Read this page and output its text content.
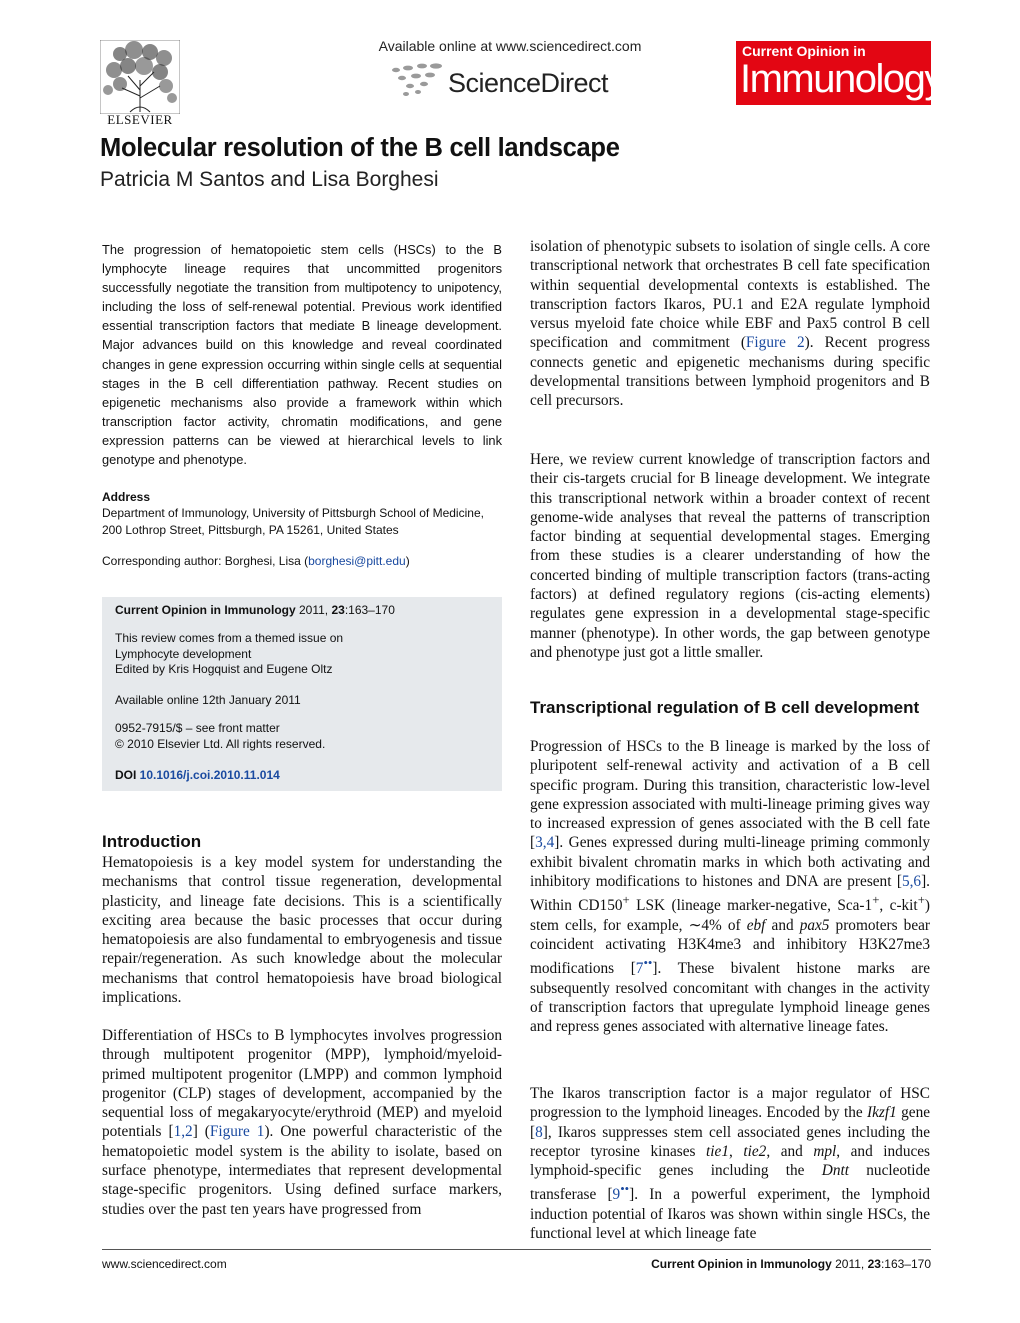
ELSEVIER
Available online at www.sciencedirect.com
ScienceDirect
Current Opinion in
Immunology
Molecular resolution of the B cell landscape
Patricia M Santos and Lisa Borghesi
The progression of hematopoietic stem cells (HSCs) to the B lymphocyte lineage requires that uncommitted progenitors successfully negotiate the transition from multipotency to unipotency, including the loss of self-renewal potential. Previous work identified essential transcription factors that mediate B lineage development. Major advances build on this knowledge and reveal coordinated changes in gene expression occurring within single cells at sequential stages in the B cell differentiation pathway. Recent studies on epigenetic mechanisms also provide a framework within which transcription factor activity, chromatin modifications, and gene expression patterns can be viewed at hierarchical levels to link genotype and phenotype.
Address
Department of Immunology, University of Pittsburgh School of Medicine,
200 Lothrop Street, Pittsburgh, PA 15261, United States
Corresponding author: Borghesi, Lisa (borghesi@pitt.edu)
Current Opinion in Immunology 2011, 23:163–170
This review comes from a themed issue on
Lymphocyte development
Edited by Kris Hogquist and Eugene Oltz
Available online 12th January 2011
0952-7915/$ – see front matter
© 2010 Elsevier Ltd. All rights reserved.
DOI 10.1016/j.coi.2010.11.014
Introduction
Hematopoiesis is a key model system for understanding the mechanisms that control tissue regeneration, developmental plasticity, and lineage fate decisions. This is a scientifically exciting area because the basic processes that occur during hematopoiesis are also fundamental to embryogenesis and tissue repair/regeneration. As such knowledge about the molecular mechanisms that control hematopoiesis have broad biological implications.
Differentiation of HSCs to B lymphocytes involves progression through multipotent progenitor (MPP), lymphoid/myeloid-primed multipotent progenitor (LMPP) and common lymphoid progenitor (CLP) stages of development, accompanied by the sequential loss of megakaryocyte/erythroid (MEP) and myeloid potentials [1,2] (Figure 1). One powerful characteristic of the hematopoietic model system is the ability to isolate, based on surface phenotype, intermediates that represent developmental stage-specific progenitors. Using defined surface markers, studies over the past ten years have progressed from
isolation of phenotypic subsets to isolation of single cells. A core transcriptional network that orchestrates B cell fate specification within sequential developmental contexts is established. The transcription factors Ikaros, PU.1 and E2A regulate lymphoid versus myeloid fate choice while EBF and Pax5 control B cell specification and commitment (Figure 2). Recent progress connects genetic and epigenetic mechanisms during specific developmental transitions between lymphoid progenitors and B cell precursors.
Here, we review current knowledge of transcription factors and their cis-targets crucial for B lineage development. We integrate this transcriptional network within a broader context of recent genome-wide analyses that reveal the patterns of transcription factor binding at sequential developmental stages. Emerging from these studies is a clearer understanding of how the concerted binding of multiple transcription factors (trans-acting factors) at defined regulatory regions (cis-acting elements) regulates gene expression in a developmental stage-specific manner (phenotype). In other words, the gap between genotype and phenotype just got a little smaller.
Transcriptional regulation of B cell development
Progression of HSCs to the B lineage is marked by the loss of pluripotent self-renewal activity and activation of a B cell specific program. During this transition, characteristic low-level gene expression associated with multi-lineage priming gives way to increased expression of genes associated with the B cell fate [3,4]. Genes expressed during multi-lineage priming commonly exhibit bivalent chromatin marks in which both activating and inhibitory modifications to histones and DNA are present [5,6]. Within CD150+ LSK (lineage marker-negative, Sca-1+, c-kit+) stem cells, for example, ∼4% of ebf and pax5 promoters bear coincident activating H3K4me3 and inhibitory H3K27me3 modifications [7••]. These bivalent histone marks are subsequently resolved concomitant with changes in the activity of transcription factors that upregulate lymphoid lineage genes and repress genes associated with alternative lineage fates.
The Ikaros transcription factor is a major regulator of HSC progression to the lymphoid lineages. Encoded by the Ikzf1 gene [8], Ikaros suppresses stem cell associated genes including the receptor tyrosine kinases tie1, tie2, and mpl, and induces lymphoid-specific genes including the Dntt nucleotide transferase [9••]. In a powerful experiment, the lymphoid induction potential of Ikaros was shown within single HSCs, the functional level at which lineage fate
www.sciencedirect.com	Current Opinion in Immunology 2011, 23:163–170
